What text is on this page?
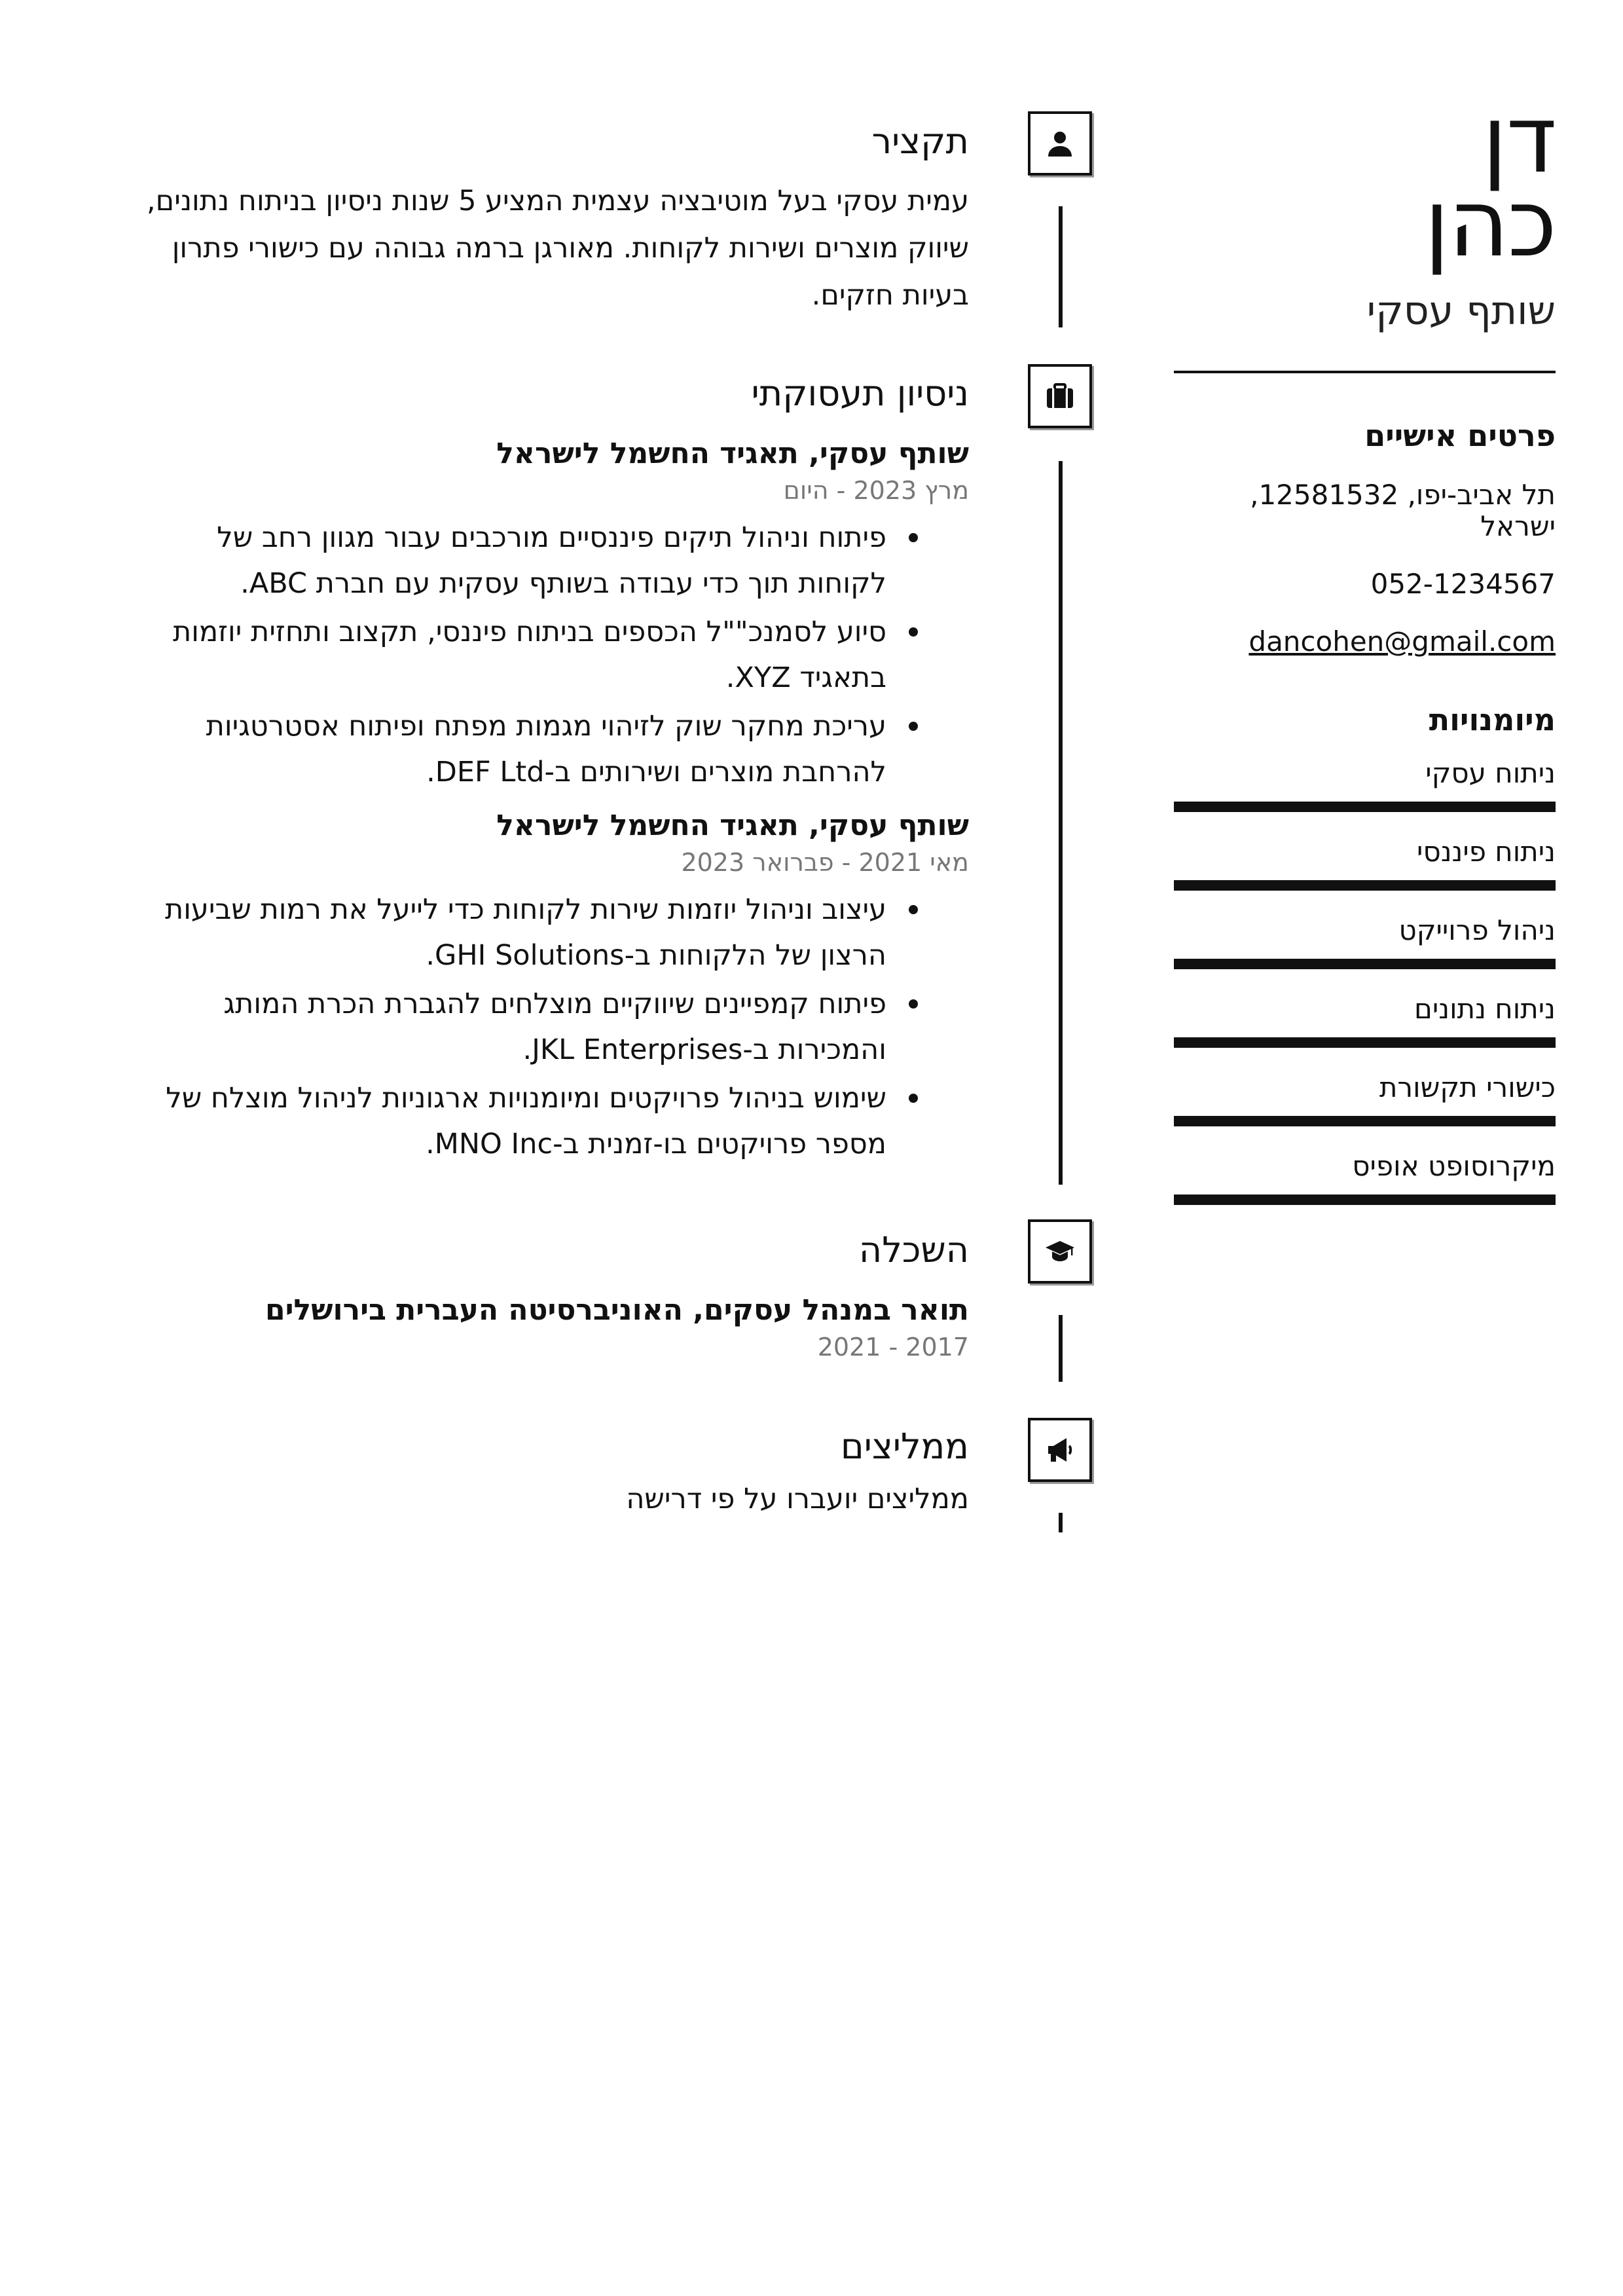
דן
כהן
שותף עסקי
פרטים אישיים
תל אביב-יפו, 12581532, ישראל
052-1234567
dancohen@gmail.com
מיומנויות
ניתוח עסקי
ניתוח פיננסי
ניהול פרוייקט
ניתוח נתונים
כישורי תקשורת
מיקרוסופט אופיס
תקציר
עמית עסקי בעל מוטיבציה עצמית המציע 5 שנות ניסיון בניתוח נתונים, שיווק מוצרים ושירות לקוחות. מאורגן ברמה גבוהה עם כישורי פתרון בעיות חזקים.
ניסיון תעסוקתי
שותף עסקי, תאגיד החשמל לישראל
מרץ 2023 - היום
פיתוח וניהול תיקים פיננסיים מורכבים עבור מגוון רחב של לקוחות תוך כדי עבודה בשותף עסקית עם חברת ABC.
סיוע לסמנכ""ל הכספים בניתוח פיננסי, תקצוב ותחזית יוזמות בתאגיד XYZ.
עריכת מחקר שוק לזיהוי מגמות מפתח ופיתוח אסטרטגיות להרחבת מוצרים ושירותים ב-DEF Ltd.
שותף עסקי, תאגיד החשמל לישראל
מאי 2021 - פברואר 2023
עיצוב וניהול יוזמות שירות לקוחות כדי לייעל את רמות שביעות הרצון של הלקוחות ב-GHI Solutions.
פיתוח קמפיינים שיווקיים מוצלחים להגברת הכרת המותג והמכירות ב-JKL Enterprises.
שימוש בניהול פרויקטים ומיומנויות ארגוניות לניהול מוצלח של מספר פרויקטים בו-זמנית ב-MNO Inc.
השכלה
תואר במנהל עסקים, האוניברסיטה העברית בירושלים
2017 - 2021
ממליצים
ממליצים יועברו על פי דרישה
